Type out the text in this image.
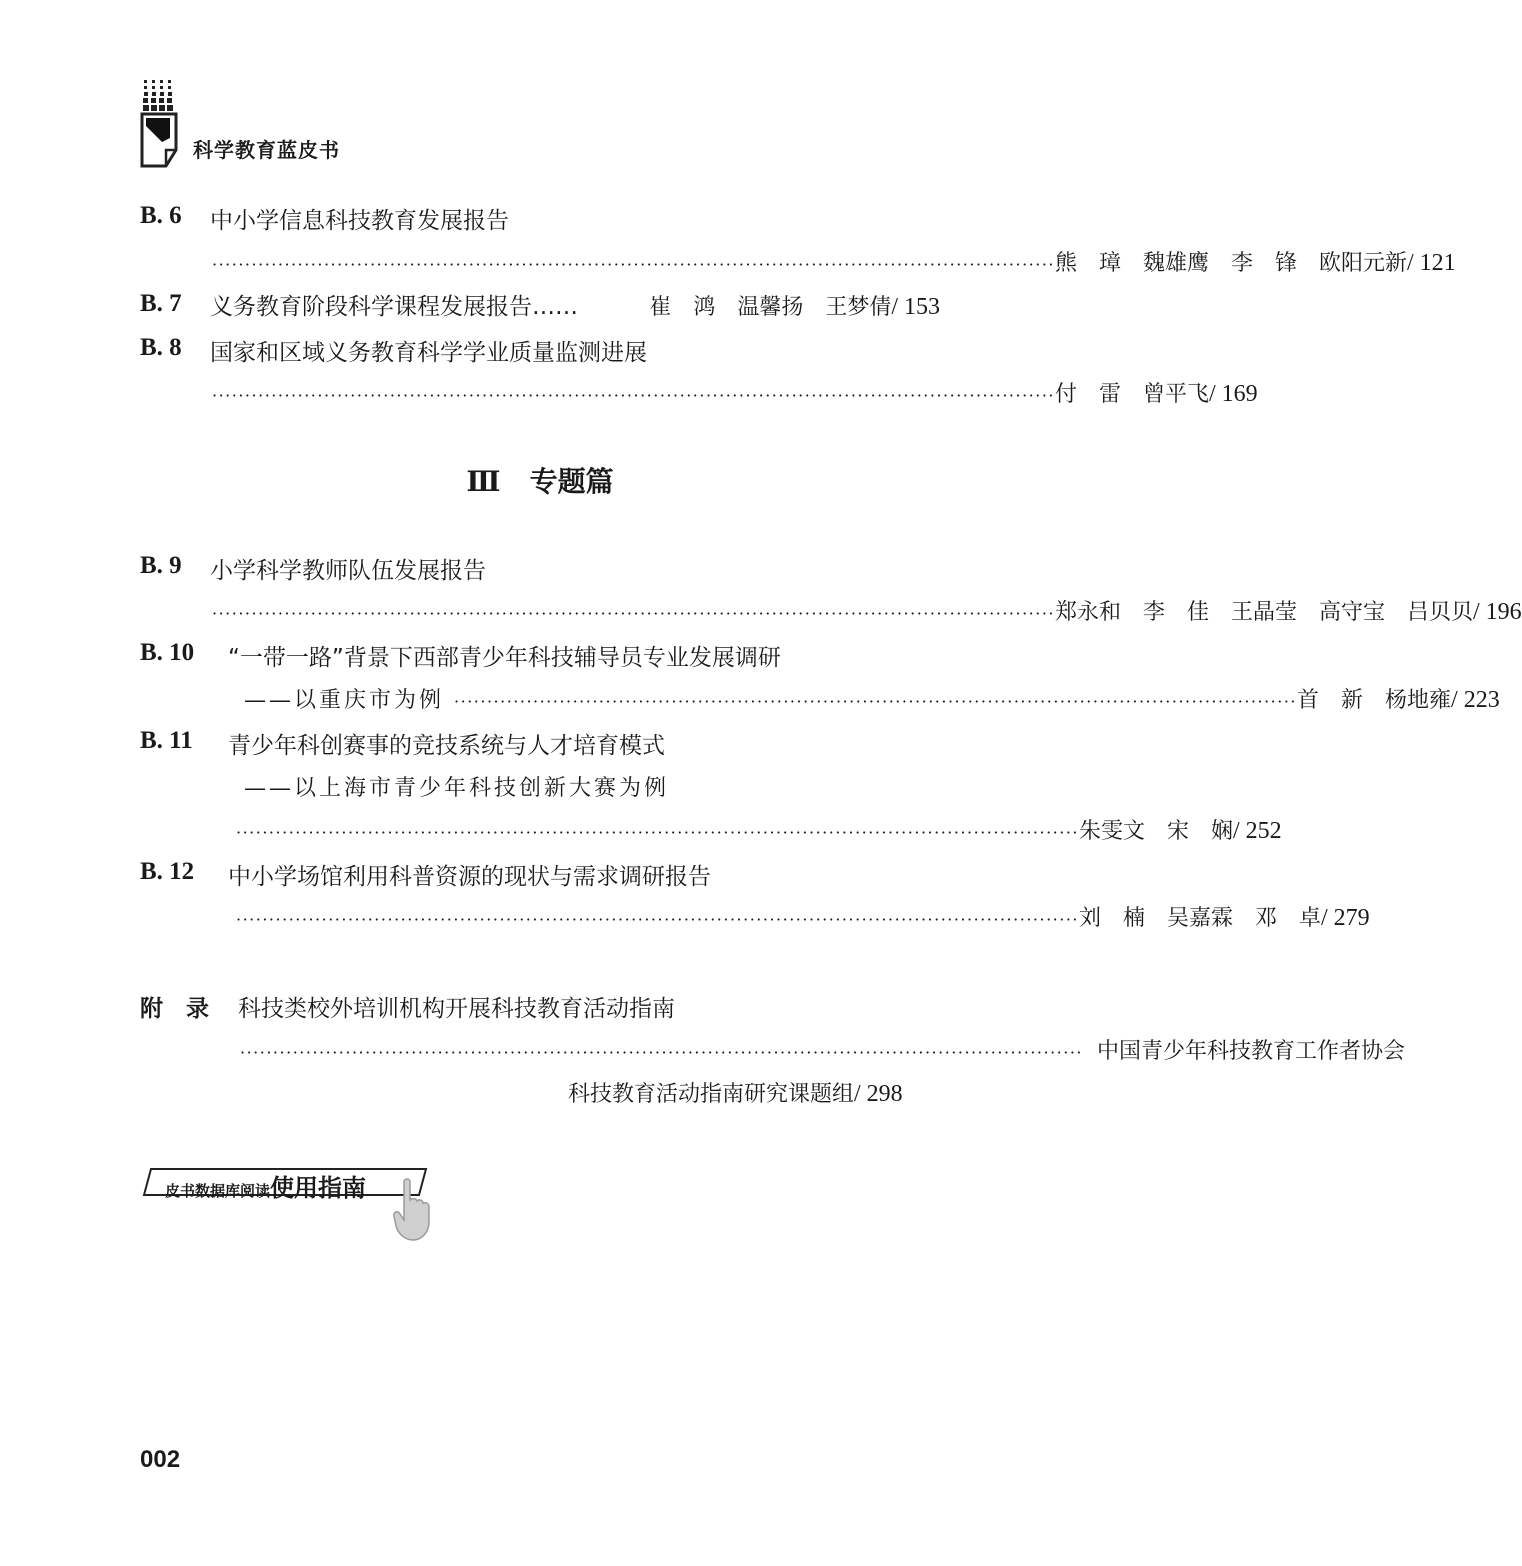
科学教育蓝皮书
B. 6 中小学信息科技教育发展报告
································································································································ 熊　璋　魏雄鹰　李　锋　欧阳元新 / 121
B. 7 义务教育阶段科学课程发展报告……	崔　鸿　温馨扬　王梦倩 / 153
B. 8 国家和区域义务教育科学学业质量监测进展
································································································································ 付　雷　曾平飞 / 169
Ⅲ 专题篇
B. 9 小学科学教师队伍发展报告
································································································································ 郑永和　李　佳　王晶莹　高守宝　吕贝贝 / 196
B. 10 “一带一路”背景下西部青少年科技辅导员专业发展调研
——以重庆市为例 ································································································································ 首　新　杨地雍 / 223
B. 11 青少年科创赛事的竞技系统与人才培育模式
——以上海市青少年科技创新大赛为例
································································································································ 朱雯文　宋　娴 / 252
B. 12 中小学场馆利用科普资源的现状与需求调研报告
································································································································ 刘　楠　吴嘉霖　邓　卓 / 279
附　录 科技类校外培训机构开展科技教育活动指南
································································································································ 中国青少年科技教育工作者协会
科技教育活动指南研究课题组 / 298
皮书数据库阅读使用指南
002
